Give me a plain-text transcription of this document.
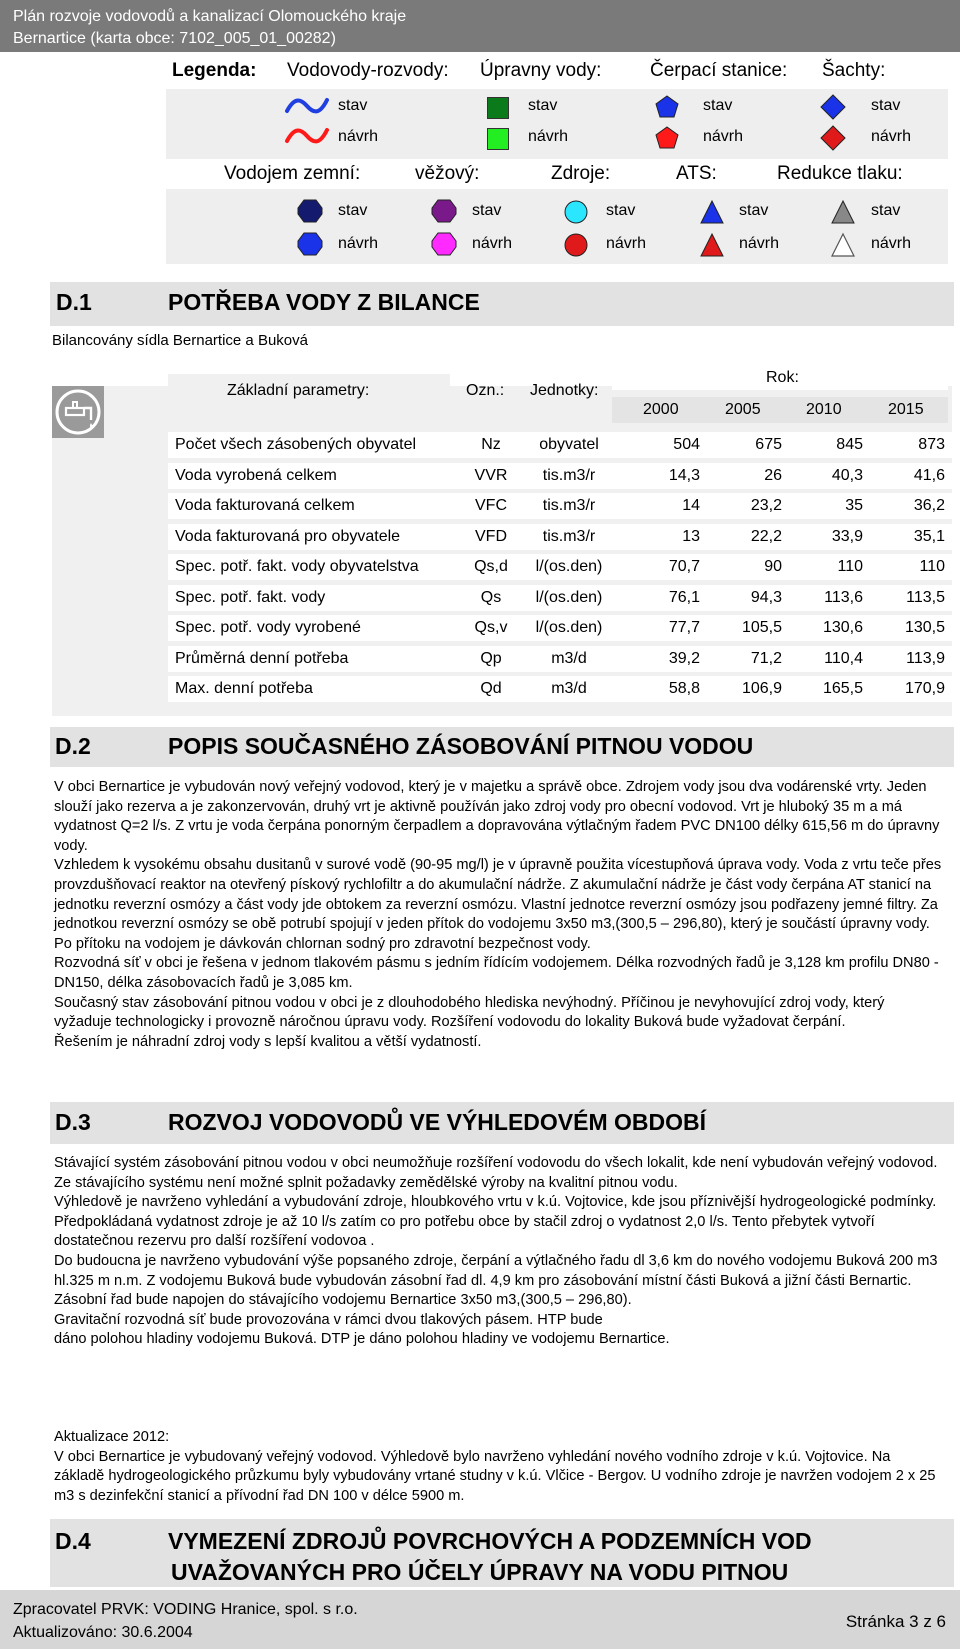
Plán rozvoje vodovodů a kanalizací Olomouckého kraje
Bernartice (karta obce: 7102_005_01_00282)
Legenda: Vodovody-rozvody: Úpravny vody:	Čerpací stanice: Šachty:
stav	stav	stav	stav
návrh	návrh	návrh	návrh
Vodojem zemní:	věžový:	Zdroje:	ATS:	Redukce tlaku:
stav	stav	stav	stav	stav
návrh	návrh	návrh	návrh	návrh
D.1	POTŘEBA VODY Z BILANCE
Bilancovány sídla Bernartice a Buková
Základní parametry:	Ozn.: Jednotky:
Rok:
2000	2005	2010	2015
Počet všech zásobených obyvatel	Nz	obyvatel	504	675	845	873
Voda vyrobená celkem	VVR	tis.m3/r	14,3	26	40,3	41,6
Voda fakturovaná celkem	VFC	tis.m3/r	14	23,2	35	36,2
Voda fakturovaná pro obyvatele	VFD	tis.m3/r	13	22,2	33,9	35,1
Spec. potř. fakt. vody obyvatelstva	Qs,d	l/(os.den)	70,7	90	110	110
Spec. potř. fakt. vody	Qs	l/(os.den)	76,1	94,3	113,6	113,5
Spec. potř. vody vyrobené	Qs,v	l/(os.den)	77,7	105,5	130,6	130,5
Průměrná denní potřeba	Qp	m3/d	39,2	71,2	110,4	113,9
Max. denní potřeba	Qd	m3/d	58,8	106,9	165,5	170,9
D.2	POPIS SOUČASNÉHO ZÁSOBOVÁNÍ PITNOU VODOU

V obci Bernartice je vybudován nový veřejný vodovod, který je v majetku a správě obce. Zdrojem vody jsou dva vodárenské vrty. Jeden slouží jako rezerva a je zakonzervován, druhý vrt je aktivně používán jako zdroj vody pro obecní vodovod. Vrt je hluboký 35 m a má vydatnost Q=2 l/s. Z vrtu je voda čerpána ponorným čerpadlem a dopravována výtlačným řadem PVC DN100 délky 615,56 m do úpravny vody.

Vzhledem k vysokému obsahu dusitanů v surové vodě (90-95 mg/l) je v úpravně použita vícestupňová úprava vody. Voda z vrtu teče přes provzdušňovací reaktor na otevřený pískový rychlofiltr a do akumulační nádrže. Z akumulační nádrže je část vody čerpána AT stanicí na jednotku reverzní osmózy a část vody jde obtokem za reverzní osmózu. Vlastní jednotce reverzní osmózy jsou podřazeny jemné filtry. Za jednotkou reverzní osmózy se obě potrubí spojují v jeden přítok do vodojemu 3x50 m3,(300,5 – 296,80), který je součástí úpravny vody. Po přítoku na vodojem je dávkován chlornan sodný pro zdravotní bezpečnost vody.

Rozvodná síť v obci je řešena v jednom tlakovém pásmu s jedním řídícím vodojemem. Délka rozvodných řadů je 3,128 km profilu DN80 - DN150, délka zásobovacích řadů je 3,085 km.

Současný stav zásobování pitnou vodou v obci je z dlouhodobého hlediska nevýhodný. Příčinou je nevyhovující zdroj vody, který vyžaduje technologicky i provozně náročnou úpravu vody. Rozšíření vodovodu do lokality Buková bude vyžadovat čerpání.

Řešením je náhradní zdroj vody s lepší kvalitou a větší vydatností.

D.3	ROZVOJ VODOVODŮ VE VÝHLEDOVÉM OBDOBÍ

Stávající systém zásobování pitnou vodou v obci neumožňuje rozšíření vodovodu do všech lokalit, kde není vybudován veřejný vodovod. Ze stávajícího systému není možné splnit požadavky zemědělské výroby na kvalitní pitnou vodu.

Výhledově je navrženo vyhledání a vybudování zdroje, hloubkového vrtu v k.ú. Vojtovice, kde jsou příznivější hydrogeologické podmínky. Předpokládaná vydatnost zdroje je až 10 l/s zatím co pro potřebu obce by stačil zdroj o vydatnost 2,0 l/s. Tento přebytek vytvoří dostatečnou rezervu pro další rozšíření vodovoa .

Do budoucna je navrženo vybudování výše popsaného zdroje, čerpání a výtlačného řadu dl 3,6 km do nového vodojemu Buková 200 m3 hl.325 m n.m. Z vodojemu Buková bude vybudován zásobní řad dl. 4,9 km pro zásobování místní části Buková a jižní části Bernartic. Zásobní řad bude napojen do stávajícího vodojemu Bernartice 3x50 m3,(300,5 – 296,80).

Gravitační rozvodná síť bude provozována v rámci dvou tlakových pásem. HTP bude

dáno polohou hladiny vodojemu Buková. DTP je dáno polohou hladiny ve vodojemu Bernartice.

Aktualizace 2012:

V obci Bernartice je vybudovaný veřejný vodovod. Výhledově bylo navrženo vyhledání nového vodního zdroje v k.ú. Vojtovice. Na základě hydrogeologického průzkumu byly vybudovány vrtané studny v k.ú. Vlčice - Bergov. U vodního zdroje je navržen vodojem 2 x 25 m3 s dezinfekční stanicí a přívodní řad DN 100 v délce 5900 m.

D.4	VYMEZENÍ ZDROJŮ POVRCHOVÝCH A PODZEMNÍCH VOD
UVAŽOVANÝCH PRO ÚČELY ÚPRAVY NA VODU PITNOU
Zpracovatel PRVK: VODING Hranice, spol. s r.o.
Aktualizováno: 30.6.2004
Stránka 3 z 6
